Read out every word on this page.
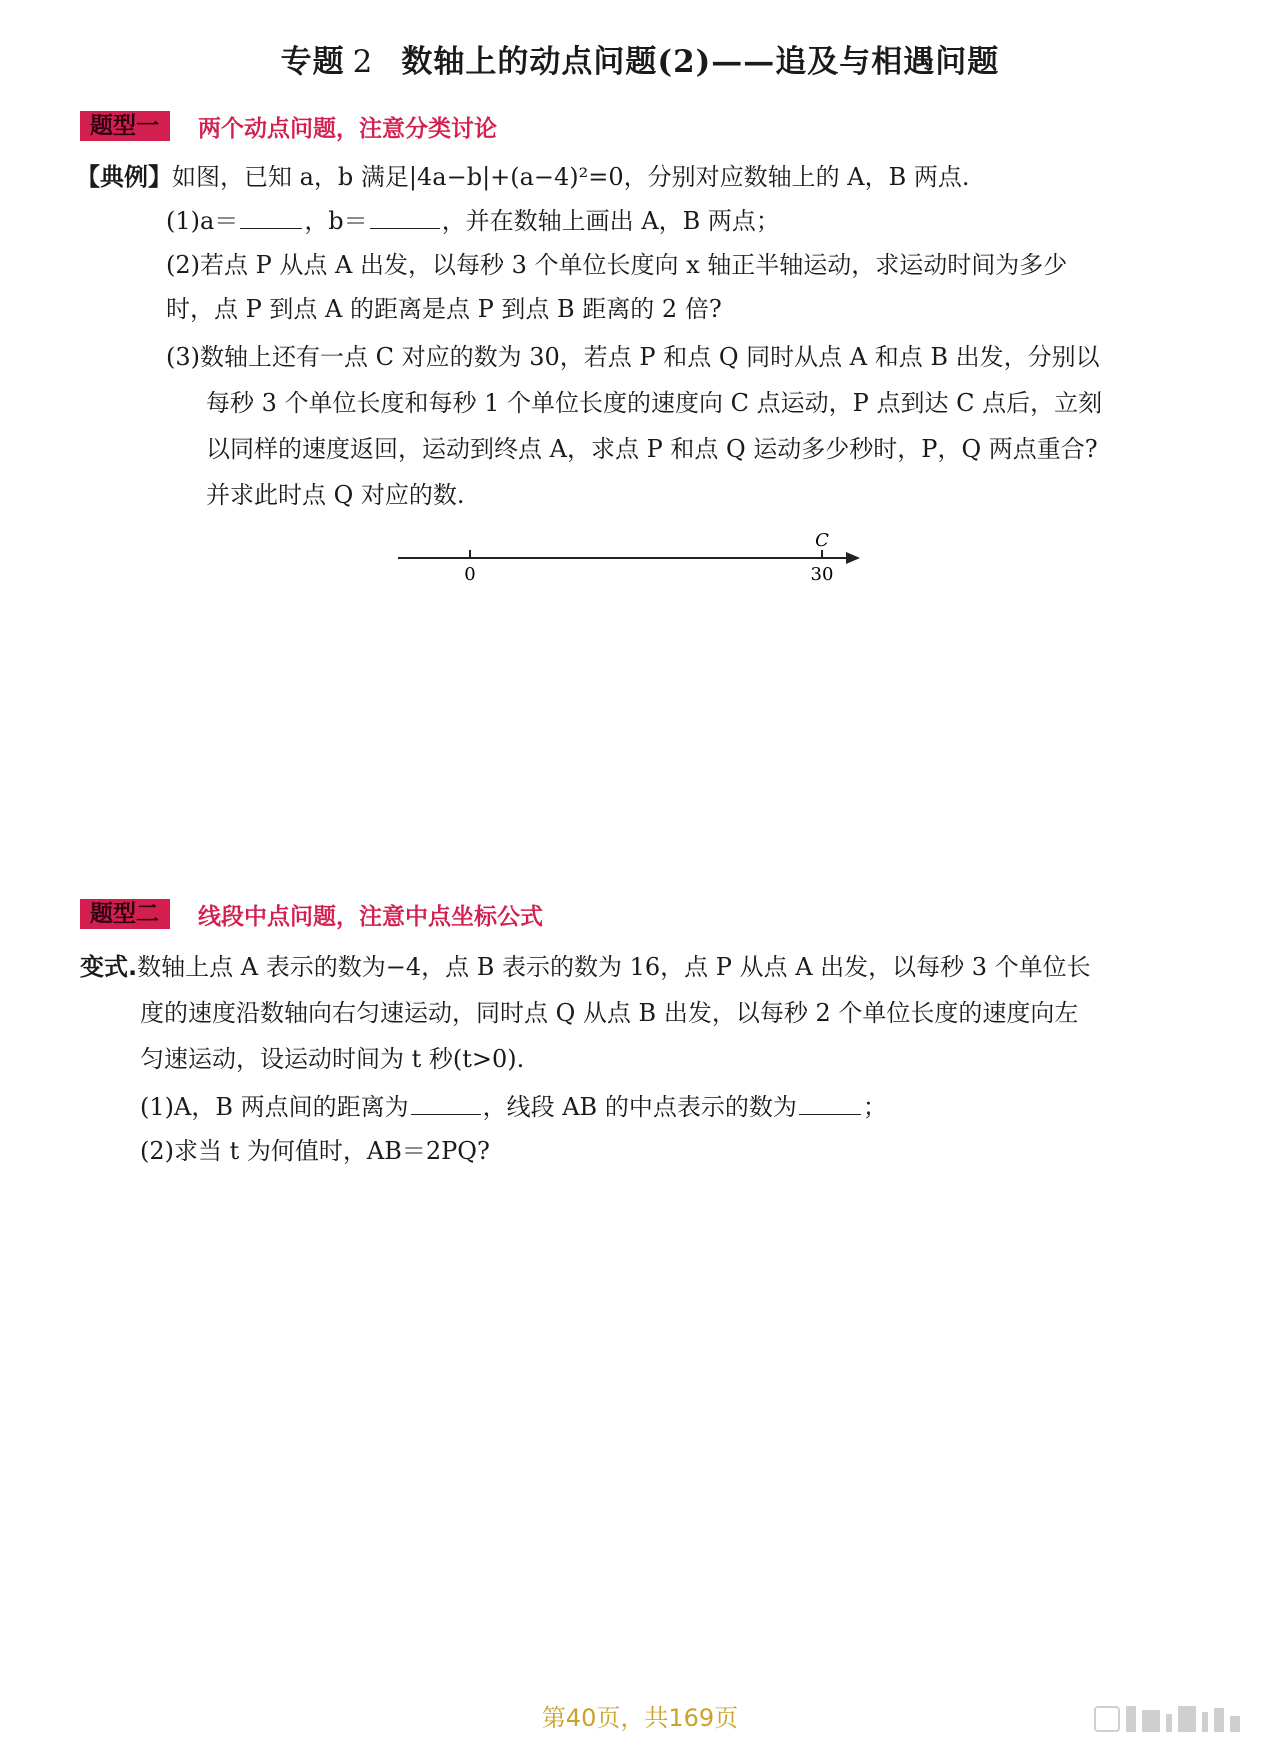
专题 2 数轴上的动点问题(2)——追及与相遇问题
题型一	两个动点问题，注意分类讨论
【典例】如图，已知 a，b 满足|4a−b|+(a−4)²=0，分别对应数轴上的 A，B 两点.
(1)a＝	，b＝	，并在数轴上画出 A，B 两点；
(2)若点 P 从点 A 出发，以每秒 3 个单位长度向 x 轴正半轴运动，求运动时间为多少
时，点 P 到点 A 的距离是点 P 到点 B 距离的 2 倍?
(3)数轴上还有一点 C 对应的数为 30，若点 P 和点 Q 同时从点 A 和点 B 出发，分别以
每秒 3 个单位长度和每秒 1 个单位长度的速度向 C 点运动，P 点到达 C 点后，立刻
以同样的速度返回，运动到终点 A，求点 P 和点 Q 运动多少秒时，P，Q 两点重合?
并求此时点 Q 对应的数.
0
C
30
题型二	线段中点问题，注意中点坐标公式
变式.数轴上点 A 表示的数为−4，点 B 表示的数为 16，点 P 从点 A 出发，以每秒 3 个单位长
度的速度沿数轴向右匀速运动，同时点 Q 从点 B 出发，以每秒 2 个单位长度的速度向左
匀速运动，设运动时间为 t 秒(t>0).
(1)A，B 两点间的距离为	，线段 AB 的中点表示的数为	；
(2)求当 t 为何值时，AB＝2PQ?
第40页，共169页
